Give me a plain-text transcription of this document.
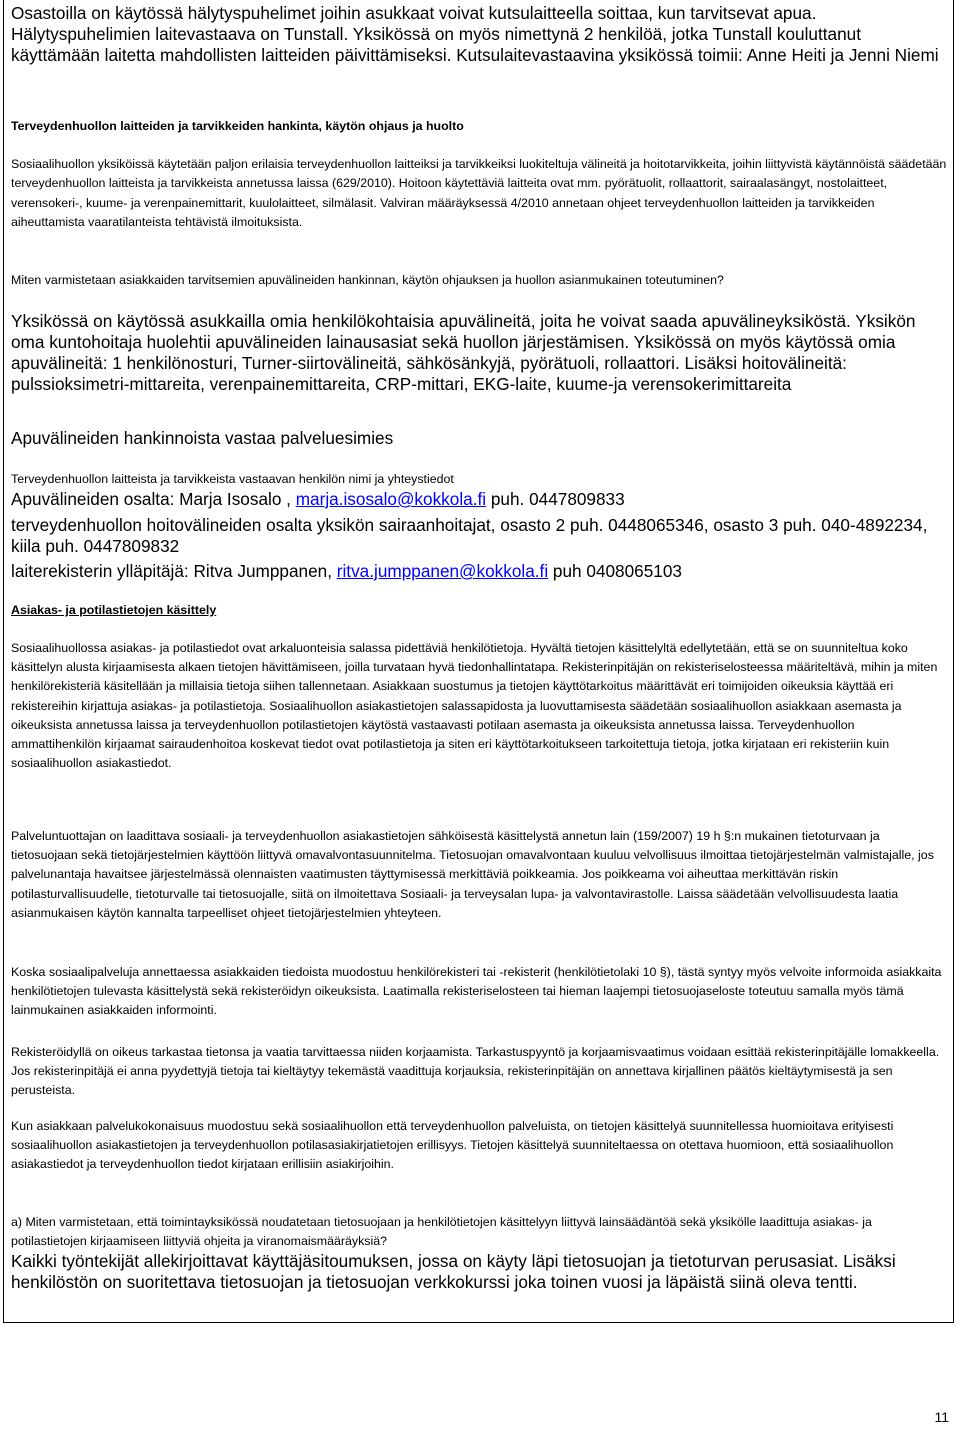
Osastoilla on käytössä hälytyspuhelimet joihin asukkaat voivat kutsulaitteella soittaa, kun tarvitsevat apua. Hälytyspuhelimien laitevastaava on Tunstall. Yksikössä on myös nimettynä 2 henkilöä, jotka Tunstall kouluttanut käyttämään laitetta mahdollisten laitteiden päivittämiseksi. Kutsulaitevastaavina yksikössä toimii: Anne Heiti ja Jenni Niemi

Terveydenhuollon laitteiden ja tarvikkeiden hankinta, käytön ohjaus ja huolto

Sosiaalihuollon yksiköissä käytetään paljon erilaisia terveydenhuollon laitteiksi ja tarvikkeiksi luokiteltuja välineitä ja hoitotarvikkeita, joihin liittyvistä käytännöistä säädetään terveydenhuollon laitteista ja tarvikkeista annetussa laissa (629/2010). Hoitoon käytettäviä laitteita ovat mm. pyörätuolit, rollaattorit, sairaalasängyt, nostolaitteet, verensokeri-, kuume- ja verenpainemittarit, kuulolaitteet, silmälasit. Valviran määräyksessä 4/2010 annetaan ohjeet terveydenhuollon laitteiden ja tarvikkeiden aiheuttamista vaaratilanteista tehtävistä ilmoituksista.

Miten varmistetaan asiakkaiden tarvitsemien apuvälineiden hankinnan, käytön ohjauksen ja huollon asianmukainen toteutuminen?

Yksikössä on käytössä asukkailla omia henkilökohtaisia apuvälineitä, joita he voivat saada apuvälineyksiköstä. Yksikön oma kuntohoitaja huolehtii apuvälineiden lainausasiat sekä huollon järjestämisen. Yksikössä on myös käytössä omia apuvälineitä: 1 henkilönosturi, Turner-siirtovälineitä, sähkösänkyjä, pyörätuoli, rollaattori. Lisäksi hoitovälineitä: pulssioksimetri-mittareita, verenpainemittareita, CRP-mittari, EKG-laite, kuume-ja verensokerimittareita

Apuvälineiden hankinnoista vastaa palveluesimies

Terveydenhuollon laitteista ja tarvikkeista vastaavan henkilön nimi ja yhteystiedot

Apuvälineiden osalta: Marja Isosalo , marja.isosalo@kokkola.fi puh. 0447809833

terveydenhuollon hoitovälineiden osalta yksikön sairaanhoitajat, osasto 2 puh. 0448065346, osasto 3 puh. 040-4892234, kiila puh. 0447809832

laiterekisterin ylläpitäjä: Ritva Jumppanen, ritva.jumppanen@kokkola.fi puh 0408065103

Asiakas- ja potilastietojen käsittely

Sosiaalihuollossa asiakas- ja potilastiedot ovat arkaluonteisia salassa pidettäviä henkilötietoja. Hyvältä tietojen käsittelyltä edellytetään, että se on suunniteltua koko käsittelyn alusta kirjaamisesta alkaen tietojen hävittämiseen, joilla turvataan hyvä tiedonhallintatapa. Rekisterinpitäjän on rekisteriselosteessa määriteltävä, mihin ja miten henkilörekisteriä käsitellään ja millaisia tietoja siihen tallennetaan. Asiakkaan suostumus ja tietojen käyttötarkoitus määrittävät eri toimijoiden oikeuksia käyttää eri rekistereihin kirjattuja asiakas- ja potilastietoja. Sosiaalihuollon asiakastietojen salassapidosta ja luovuttamisesta säädetään sosiaalihuollon asiakkaan asemasta ja oikeuksista annetussa laissa ja terveydenhuollon potilastietojen käytöstä vastaavasti potilaan asemasta ja oikeuksista annetussa laissa. Terveydenhuollon ammattihenkilön kirjaamat sairaudenhoitoa koskevat tiedot ovat potilastietoja ja siten eri käyttötarkoitukseen tarkoitettuja tietoja, jotka kirjataan eri rekisteriin kuin sosiaalihuollon asiakastiedot.

Palveluntuottajan on laadittava sosiaali- ja terveydenhuollon asiakastietojen sähköisestä käsittelystä annetun lain (159/2007) 19 h §:n mukainen tietoturvaan ja tietosuojaan sekä tietojärjestelmien käyttöön liittyvä omavalvontasuunnitelma. Tietosuojan omavalvontaan kuuluu velvollisuus ilmoittaa tietojärjestelmän valmistajalle, jos palvelunantaja havaitsee järjestelmässä olennaisten vaatimusten täyttymisessä merkittäviä poikkeamia. Jos poikkeama voi aiheuttaa merkittävän riskin potilasturvallisuudelle, tietoturvalle tai tietosuojalle, siitä on ilmoitettava Sosiaali- ja terveysalan lupa- ja valvontavirastolle. Laissa säädetään velvollisuudesta laatia asianmukaisen käytön kannalta tarpeelliset ohjeet tietojärjestelmien yhteyteen.

Koska sosiaalipalveluja annettaessa asiakkaiden tiedoista muodostuu henkilörekisteri tai -rekisterit (henkilötietolaki 10 §), tästä syntyy myös velvoite informoida asiakkaita henkilötietojen tulevasta käsittelystä sekä rekisteröidyn oikeuksista. Laatimalla rekisteriselosteen tai hieman laajempi tietosuojaseloste toteutuu samalla myös tämä lainmukainen asiakkaiden informointi.

Rekisteröidyllä on oikeus tarkastaa tietonsa ja vaatia tarvittaessa niiden korjaamista. Tarkastuspyyntö ja korjaamisvaatimus voidaan esittää rekisterinpitäjälle lomakkeella. Jos rekisterinpitäjä ei anna pyydettyjä tietoja tai kieltäytyy tekemästä vaadittuja korjauksia, rekisterinpitäjän on annettava kirjallinen päätös kieltäytymisestä ja sen perusteista.

Kun asiakkaan palvelukokonaisuus muodostuu sekä sosiaalihuollon että terveydenhuollon palveluista, on tietojen käsittelyä suunnitellessa huomioitava erityisesti sosiaalihuollon asiakastietojen ja terveydenhuollon potilasasiakirjatietojen erillisyys. Tietojen käsittelyä suunniteltaessa on otettava huomioon, että sosiaalihuollon asiakastiedot ja terveydenhuollon tiedot kirjataan erillisiin asiakirjoihin.

a) Miten varmistetaan, että toimintayksikössä noudatetaan tietosuojaan ja henkilötietojen käsittelyyn liittyvä lainsäädäntöä sekä yksikölle laadittuja asiakas- ja potilastietojen kirjaamiseen liittyviä ohjeita ja viranomaismääräyksiä?

Kaikki työntekijät allekirjoittavat käyttäjäsitoumuksen, jossa on käyty läpi tietosuojan ja tietoturvan perusasiat. Lisäksi henkilöstön on suoritettava tietosuojan ja tietosuojan verkkokurssi joka toinen vuosi ja läpäistä siinä oleva tentti.

11
